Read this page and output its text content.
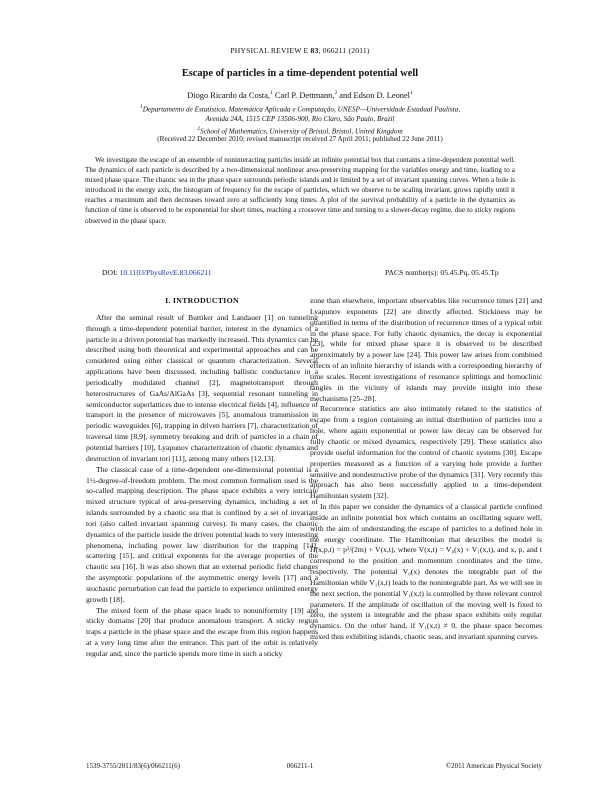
PHYSICAL REVIEW E 83, 066211 (2011)
Escape of particles in a time-dependent potential well
Diogo Ricardo da Costa,$^1$ Carl P. Dettmann,$^2$ and Edson D. Leonel$^1$
$^1$Departamento de Estatística, Matemática Aplicada e Computação, UNESP—Universidade Estadual Paulista,
Avenida 24A, 1515 CEP 13506-900, Rio Claro, São Paulo, Brazil
$^2$School of Mathematics, University of Bristol, Bristol, United Kingdom
(Received 22 December 2010; revised manuscript received 27 April 2011; published 22 June 2011)
We investigate the escape of an ensemble of noninteracting particles inside an infinite potential box that contains a time-dependent potential well. The dynamics of each particle is described by a two-dimensional nonlinear area-preserving mapping for the variables energy and time, leading to a mixed phase space. The chaotic sea in the phase space surrounds periodic islands and is limited by a set of invariant spanning curves. When a hole is introduced in the energy axis, the histogram of frequency for the escape of particles, which we observe to be scaling invariant, grows rapidly until it reaches a maximum and then decreases toward zero at sufficiently long times. A plot of the survival probability of a particle in the dynamics as function of time is observed to be exponential for short times, reaching a crossover time and turning to a slower-decay regime, due to sticky regions observed in the phase space.
DOI: 10.1103/PhysRevE.83.066211	PACS number(s): 05.45.Pq, 05.45.Tp

I. INTRODUCTION

After the seminal result of Buttiker and Landauer [1] on tunneling through a time-dependent potential barrier, interest in the dynamics of a particle in a driven potential has markedly increased. This dynamics can be described using both theoretical and experimental approaches and can be considered using either classical or quantum characterization. Several applications have been discussed, including ballistic conductance in a periodically modulated channel [2], magnetotransport through heterostructures of GaAs/AlGaAs [3], sequential resonant tunneling in semiconductor superlattices due to intense electrical fields [4], influence of transport in the presence of microwaves [5], anomalous transmission in periodic waveguides [6], trapping in driven barriers [7], characterization of traversal time [8,9], symmetry breaking and drift of particles in a chain of potential barriers [10], Lyapunov characterization of chaotic dynamics and destruction of invariant tori [11], among many others [12,13].

The classical case of a time-dependent one-dimensional potential is a 1½-degree-of-freedom problem. The most common formalism used is the so-called mapping description. The phase space exhibits a very intricate mixed structure typical of area-preserving dynamics, including a set of islands surrounded by a chaotic sea that is confined by a set of invariant tori (also called invariant spanning curves). In many cases, the chaotic dynamics of the particle inside the driven potential leads to very interesting phenomena, including power law distribution for the trapping [14], scattering [15], and critical exponents for the average properties of the chaotic sea [16]. It was also shown that an external periodic field changes the asymptotic populations of the asymmetric energy levels [17] and a stochastic perturbation can lead the particle to experience unlimited energy growth [18].

The mixed form of the phase space leads to nonuniformity [19] and sticky domains [20] that produce anomalous transport. A sticky region traps a particle in the phase space and the escape from this region happens at a very long time after the entrance. This part of the orbit is relatively regular and, since the particle spends more time in such a sticky

zone than elsewhere, important observables like recurrence times [21] and Lyapunov exponents [22] are directly affected. Stickiness may be quantified in terms of the distribution of recurrence times of a typical orbit in the phase space. For fully chaotic dynamics, the decay is exponential [23], while for mixed phase space it is observed to be described approximately by a power law [24]. This power law arises from combined effects of an infinite hierarchy of islands with a corresponding hierarchy of time scales. Recent investigations of resonance splittings and homoclinic tangles in the vicinity of islands may provide insight into these mechanisms [25–28].

Recurrence statistics are also intimately related to the statistics of escape from a region containing an initial distribution of particles into a hole, where again exponential or power law decay can be observed for fully chaotic or mixed dynamics, respectively [29]. These statistics also provide useful information for the control of chaotic systems [30]. Escape properties measured as a function of a varying hole provide a further sensitive and nondestructive probe of the dynamics [31]. Very recently this approach has also been successfully applied to a time-dependent Hamiltonian system [32].

In this paper we consider the dynamics of a classical particle confined inside an infinite potential box which contains an oscillating square well, with the aim of understanding the escape of particles to a defined hole in the energy coordinate. The Hamiltonian that describes the model is H(x,p,t) = p²/(2m) + V(x,t), where V(x,t) = V₀(x) + V₁(x,t), and x, p, and t correspond to the position and momentum coordinates and the time, respectively. The potential V₀(x) denotes the integrable part of the Hamiltonian while V₁(x,t) leads to the nonintegrable part. As we will see in the next section, the potential V₁(x,t) is controlled by three relevant control parameters. If the amplitude of oscillation of the moving well is fixed to zero, the system is integrable and the phase space exhibits only regular dynamics. On the other hand, if V₁(x,t) ≠ 0, the phase space becomes mixed thus exhibiting islands, chaotic seas, and invariant spanning curves.

1539-3755/2011/83(6)/066211(6)	066211-1	©2011 American Physical Society
